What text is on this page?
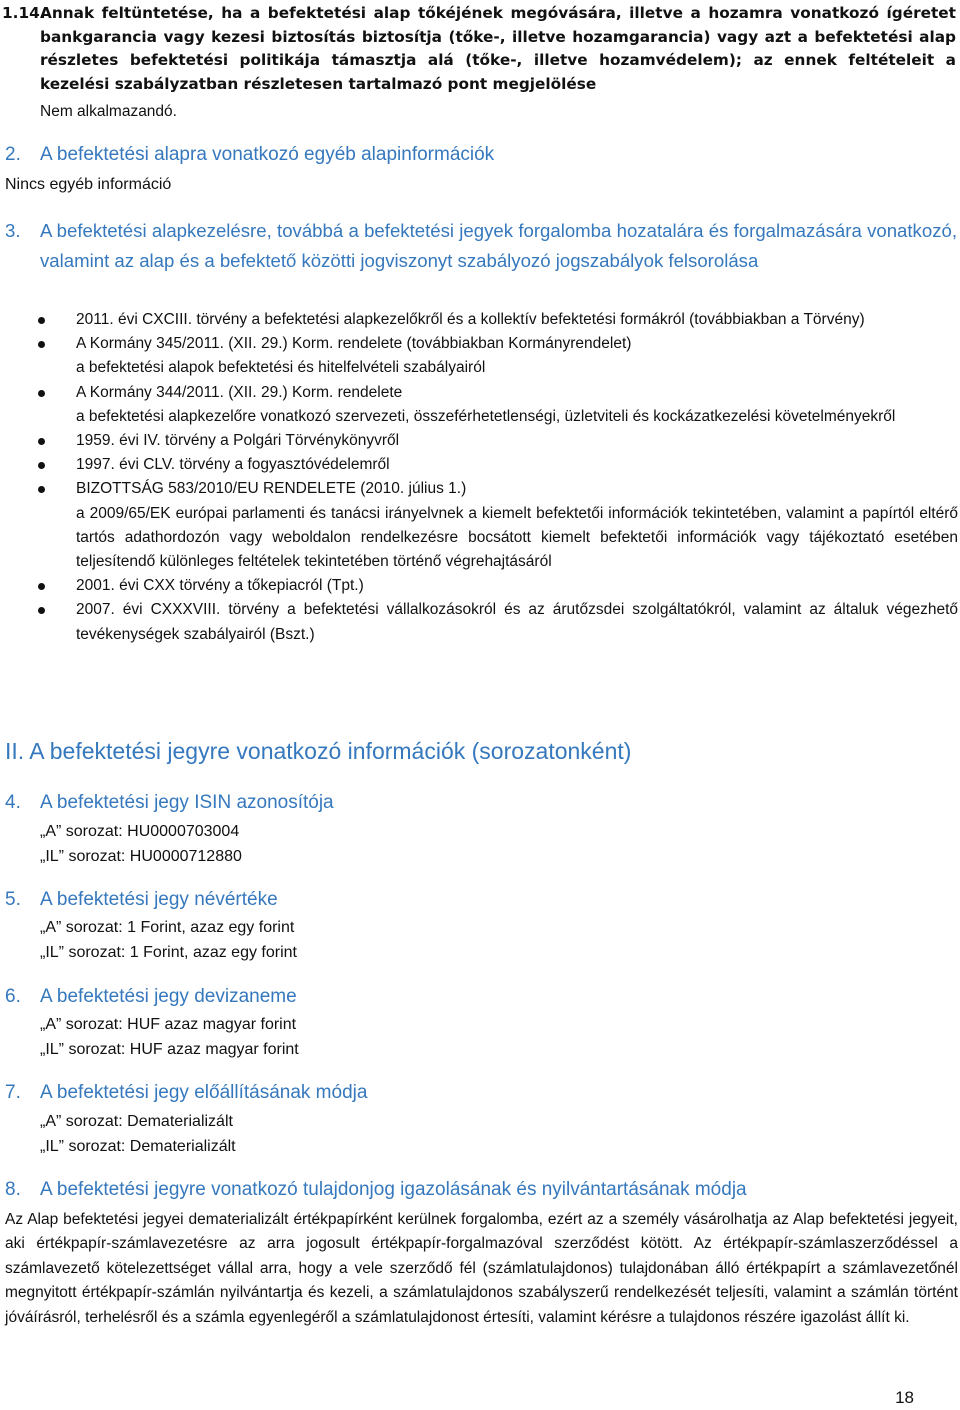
1.14.
Annak feltüntetése, ha a befektetési alap tőkéjének megóvására, illetve a hozamra vonatkozó ígéretet bankgarancia vagy kezesi biztosítás biztosítja (tőke-, illetve hozamgarancia) vagy azt a befektetési alap részletes befektetési politikája támasztja alá (tőke-, illetve hozamvédelem); az ennek feltételeit a kezelési szabályzatban részletesen tartalmazó pont megjelölése
Nem alkalmazandó.
2. A befektetési alapra vonatkozó egyéb alapinformációk
Nincs egyéb információ
3. A befektetési alapkezelésre, továbbá a befektetési jegyek forgalomba hozatalára és forgalmazására vonatkozó, valamint az alap és a befektető közötti jogviszonyt szabályozó jogszabályok felsorolása
2011. évi CXCIII. törvény a befektetési alapkezelőkről és a kollektív befektetési formákról (továbbiakban a Törvény)
A Kormány 345/2011. (XII. 29.) Korm. rendelete (továbbiakban Kormányrendelet)
a befektetési alapok befektetési és hitelfelvételi szabályairól
A Kormány 344/2011. (XII. 29.) Korm. rendelete
a befektetési alapkezelőre vonatkozó szervezeti, összeférhetetlenségi, üzletviteli és kockázatkezelési követelményekről
1959. évi IV. törvény a Polgári Törvénykönyvről
1997. évi CLV. törvény a fogyasztóvédelemről
BIZOTTSÁG 583/2010/EU RENDELETE (2010. július 1.)
a 2009/65/EK európai parlamenti és tanácsi irányelvnek a kiemelt befektetői információk tekintetében, valamint a papírtól eltérő tartós adathordozón vagy weboldalon rendelkezésre bocsátott kiemelt befektetői információk vagy tájékoztató esetében teljesítendő különleges feltételek tekintetében történő végrehajtásáról
2001. évi CXX törvény a tőkepiacról (Tpt.)
2007. évi CXXXVIII. törvény a befektetési vállalkozásokról és az árutőzsdei szolgáltatókról, valamint az általuk végezhető tevékenységek szabályairól (Bszt.)
II. A befektetési jegyre vonatkozó információk (sorozatonként)
4. A befektetési jegy ISIN azonosítója
„A” sorozat: HU0000703004
„IL” sorozat: HU0000712880
5. A befektetési jegy névértéke
„A” sorozat: 1 Forint, azaz egy forint
„IL” sorozat: 1 Forint, azaz egy forint
6. A befektetési jegy devizaneme
„A” sorozat: HUF azaz magyar forint
„IL” sorozat: HUF azaz magyar forint
7. A befektetési jegy előállításának módja
„A” sorozat: Dematerializált
„IL” sorozat: Dematerializált
8. A befektetési jegyre vonatkozó tulajdonjog igazolásának és nyilvántartásának módja
Az Alap befektetési jegyei dematerializált értékpapírként kerülnek forgalomba, ezért az a személy vásárolhatja az Alap befektetési jegyeit, aki értékpapír-számlavezetésre az arra jogosult értékpapír-forgalmazóval szerződést kötött. Az értékpapír-számlaszerződéssel a számlavezető kötelezettséget vállal arra, hogy a vele szerződő fél (számlatulajdonos) tulajdonában álló értékpapírt a számlavezetőnél megnyitott értékpapír-számlán nyilvántartja és kezeli, a számlatulajdonos szabályszerű rendelkezését teljesíti, valamint a számlán történt jóváírásról, terhelésről és a számla egyenlegéről a számlatulajdonost értesíti, valamint kérésre a tulajdonos részére igazolást állít ki.
18
